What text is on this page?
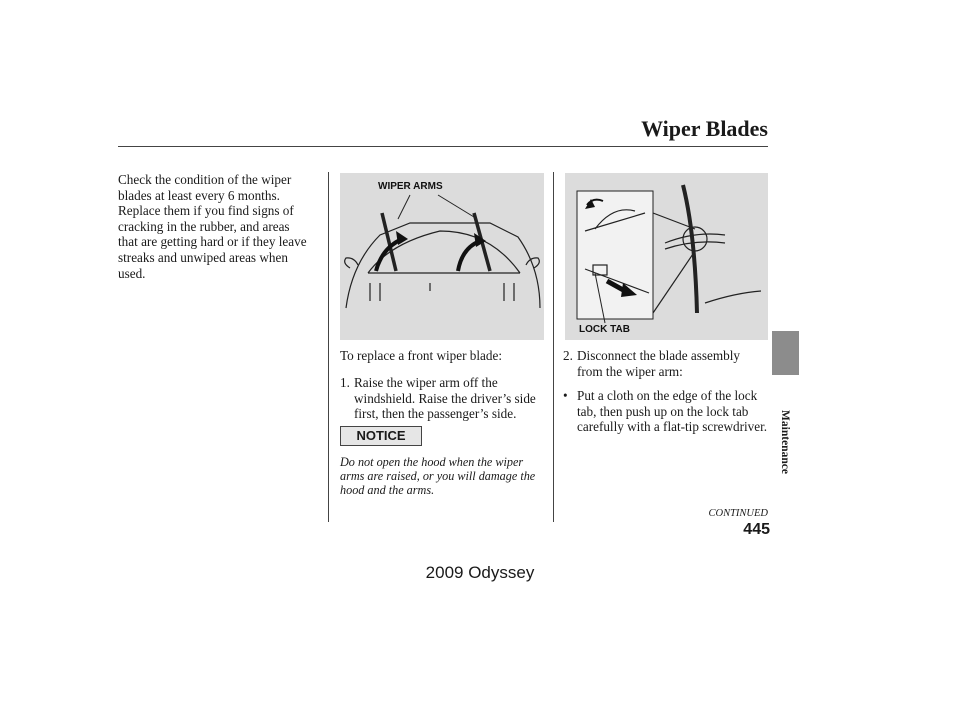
Wiper Blades
Check the condition of the wiper
blades at least every 6 months.
Replace them if you find signs of
cracking in the rubber, and areas
that are getting hard or if they leave
streaks and unwiped areas when
used.
WIPER ARMS
LOCK TAB
To replace a front wiper blade:
1. Raise the wiper arm off the
windshield. Raise the driver’s side
first, then the passenger’s side.
NOTICE
Do not open the hood when the wiper
arms are raised, or you will damage the
hood and the arms.
2. Disconnect the blade assembly
from the wiper arm:
• Put a cloth on the edge of the lock
tab, then push up on the lock tab
carefully with a flat-tip screwdriver.
CONTINUED
445
Maintenance
2009 Odyssey
